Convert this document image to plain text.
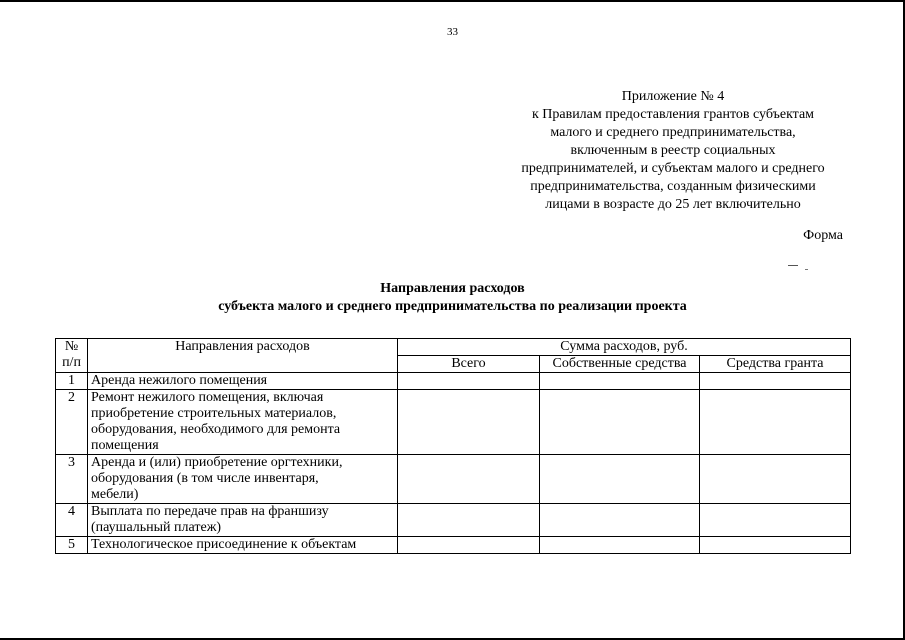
33
Приложение № 4
к Правилам предоставления грантов субъектам
малого и среднего предпринимательства,
включенным в реестр социальных
предпринимателей, и субъектам малого и среднего
предпринимательства, созданным физическими
лицами в возрасте до 25 лет включительно
Форма
Направления расходов
субъекта малого и среднего предпринимательства по реализации проекта
№
п/п	Направления расходов	Сумма расходов, руб.		
		Всего	Собственные средства	Средства гранта
1	Аренда нежилого помещения			

2	Ремонт нежилого помещения, включая
приобретение строительных материалов,
оборудования, необходимого для ремонта
помещения			

3	Аренда и (или) приобретение оргтехники,
оборудования (в том числе инвентаря,
мебели)			

4	Выплата по передаче прав на франшизу
(паушальный платеж)			

5	Технологическое присоединение к объектам			
